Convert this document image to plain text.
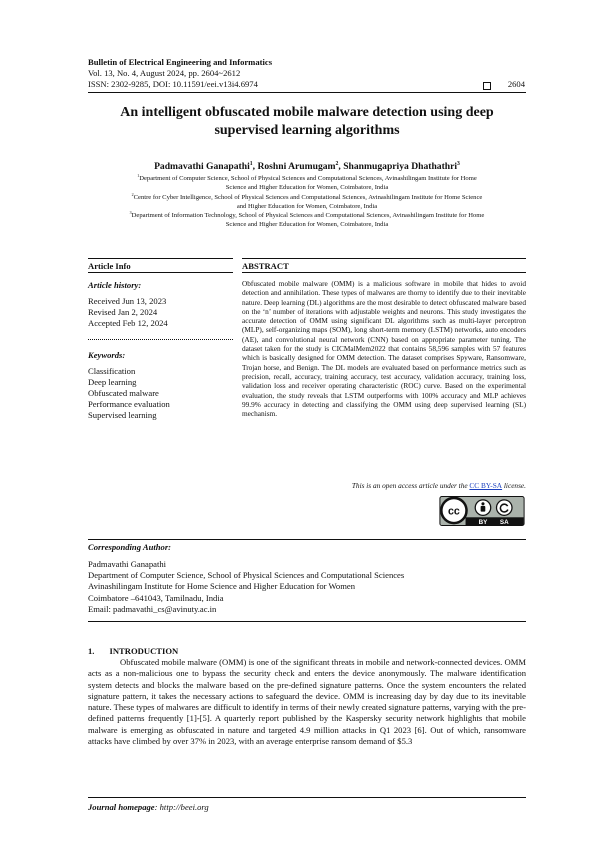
Bulletin of Electrical Engineering and Informatics
Vol. 13, No. 4, August 2024, pp. 2604~2612
ISSN: 2302-9285, DOI: 10.11591/eei.v13i4.6974	2604
An intelligent obfuscated mobile malware detection using deep
supervised learning algorithms
Padmavathi Ganapathi$^1$, Roshni Arumugam$^2$, Shanmugapriya Dhathathri$^3$
$^1$Department of Computer Science, School of Physical Sciences and Computational Sciences, Avinashilingam Institute for Home
Science and Higher Education for Women, Coimbatore, India
$^2$Centre for Cyber Intelligence, School of Physical Sciences and Computational Sciences, Avinashilingam Institute for Home Science
and Higher Education for Women, Coimbatore, India
$^3$Department of Information Technology, School of Physical Sciences and Computational Sciences, Avinashilingam Institute for Home
Science and Higher Education for Women, Coimbatore, India
Article Info	ABSTRACT
Article history:
Received Jun 13, 2023
Revised Jan 2, 2024
Accepted Feb 12, 2024
Keywords:
Classification
Deep learning
Obfuscated malware
Performance evaluation
Supervised learning
Obfuscated mobile malware (OMM) is a malicious software in mobile that hides to avoid detection and annihilation. These types of malwares are thorny to identify due to their inevitable nature. Deep learning (DL) algorithms are the most desirable to detect obfuscated malware based on the ‘n’ number of iterations with adjustable weights and neurons. This study investigates the accurate detection of OMM using significant DL algorithms such as multi-layer perceptron (MLP), self-organizing maps (SOM), long short-term memory (LSTM) networks, auto encoders (AE), and convolutional neural network (CNN) based on appropriate parameter tuning. The dataset taken for the study is CICMalMem2022 that contains 58,596 samples with 57 features which is basically designed for OMM detection. The dataset comprises Spyware, Ransomware, Trojan horse, and Benign. The DL models are evaluated based on performance metrics such as precision, recall, accuracy, training accuracy, test accuracy, validation accuracy, training loss, validation loss and receiver operating characteristic (ROC) curve. Based on the experimental evaluation, the study reveals that LSTM outperforms with 100% accuracy and MLP achieves 99.9% accuracy in detecting and classifying the OMM using deep supervised learning (SL) mechanism.
This is an open access article under the CC BY-SA license.
cc
BY SA
Corresponding Author:
Padmavathi Ganapathi
Department of Computer Science, School of Physical Sciences and Computational Sciences
Avinashilingam Institute for Home Science and Higher Education for Women
Coimbatore –641043, Tamilnadu, India
Email: padmavathi_cs@avinuty.ac.in
1.       INTRODUCTION
Obfuscated mobile malware (OMM) is one of the significant threats in mobile and network-connected devices. OMM acts as a non-malicious one to bypass the security check and enters the device anonymously. The malware identification system detects and blocks the malware based on the pre-defined signature patterns. Once the system encounters the related signature pattern, it takes the necessary actions to safeguard the device. OMM is increasing day by day due to its inevitable nature. These types of malwares are difficult to identify in terms of their newly created signature patterns, varying with the pre-defined patterns frequently [1]-[5]. A quarterly report published by the Kaspersky security network highlights that mobile malware is emerging as obfuscated in nature and targeted 4.9 million attacks in Q1 2023 [6]. Out of which, ransomware attacks have climbed by over 37% in 2023, with an average enterprise ransom demand of $5.3
Journal homepage: http://beei.org
